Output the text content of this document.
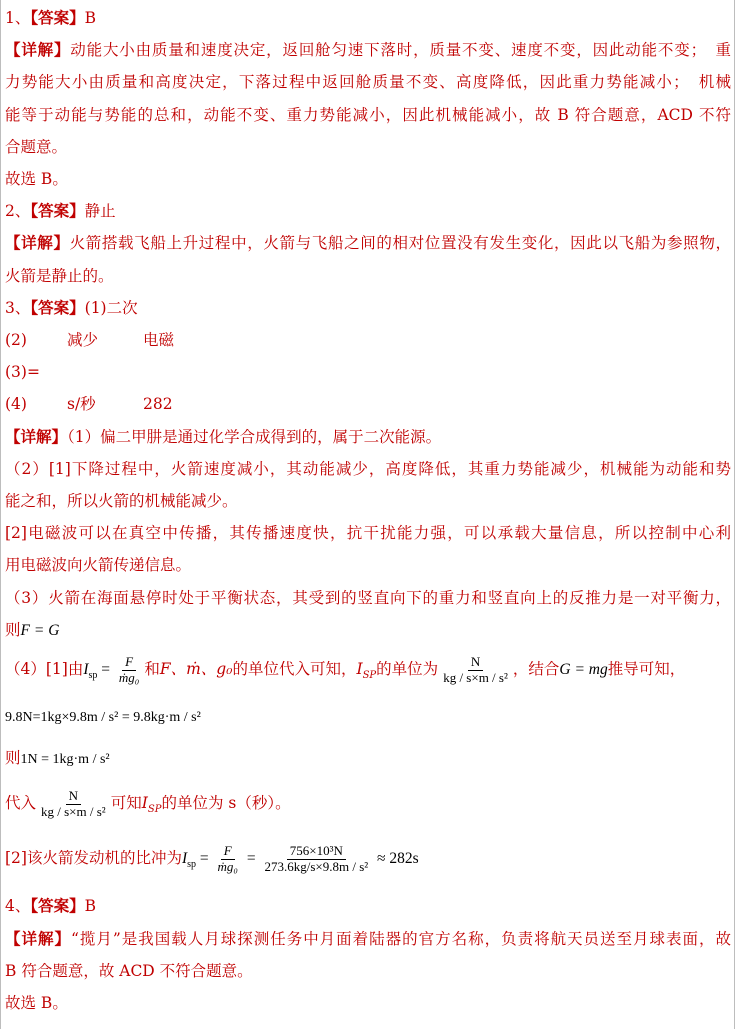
1、【答案】B
【详解】动能大小由质量和速度决定，返回舱匀速下落时，质量不变、速度不变，因此动能不变；　重
力势能大小由质量和高度决定，下落过程中返回舱质量不变、高度降低，因此重力势能减小；　机械
能等于动能与势能的总和，动能不变、重力势能减小，因此机械能减小，故 B 符合题意，ACD 不符
合题意。
故选 B。
2、【答案】静止
【详解】火箭搭载飞船上升过程中，火箭与飞船之间的相对位置没有发生变化，因此以飞船为参照物，
火箭是静止的。
3、【答案】(1)二次
(2)	减少	电磁
(3)=
(4)	s/秒	282
【详解】（1）偏二甲肼是通过化学合成得到的，属于二次能源。
（2）[1]下降过程中，火箭速度减小，其动能减少，高度降低，其重力势能减少，机械能为动能和势
能之和，所以火箭的机械能减少。
[2]电磁波可以在真空中传播，其传播速度快，抗干扰能力强，可以承载大量信息，所以控制中心利
用电磁波向火箭传递信息。
（3）火箭在海面悬停时处于平衡状态，其受到的竖直向下的重力和竖直向上的反推力是一对平衡力，
则F = G
（4）[1]由$I_{sp} = \frac{F}{\text{ṁg₀}}$ 和F、ṁ、g₀的单位代入可知，$I_{SP}$的单位为 $\frac{N}{\text{kg / s×m / s²}}$ ，结合G = mg推导可知，
9.8N=1kg×9.8m / s² = 9.8kg·m / s²
则1N = 1kg·m / s²
代入 $\frac{N}{\text{kg / s×m / s²}}$ 可知$I_{SP}$的单位为 s（秒）。
[2]该火箭发动机的比冲为$I_{sp} = \frac{F}{\text{ṁg₀}} = \frac{\text{756×10³N}}{\text{273.6kg/s×9.8m / s²}} \approx 282s$
4、【答案】B
【详解】“揽月”是我国载人月球探测任务中月面着陆器的官方名称，负责将航天员送至月球表面，故
B 符合题意，故 ACD 不符合题意。
故选 B。
